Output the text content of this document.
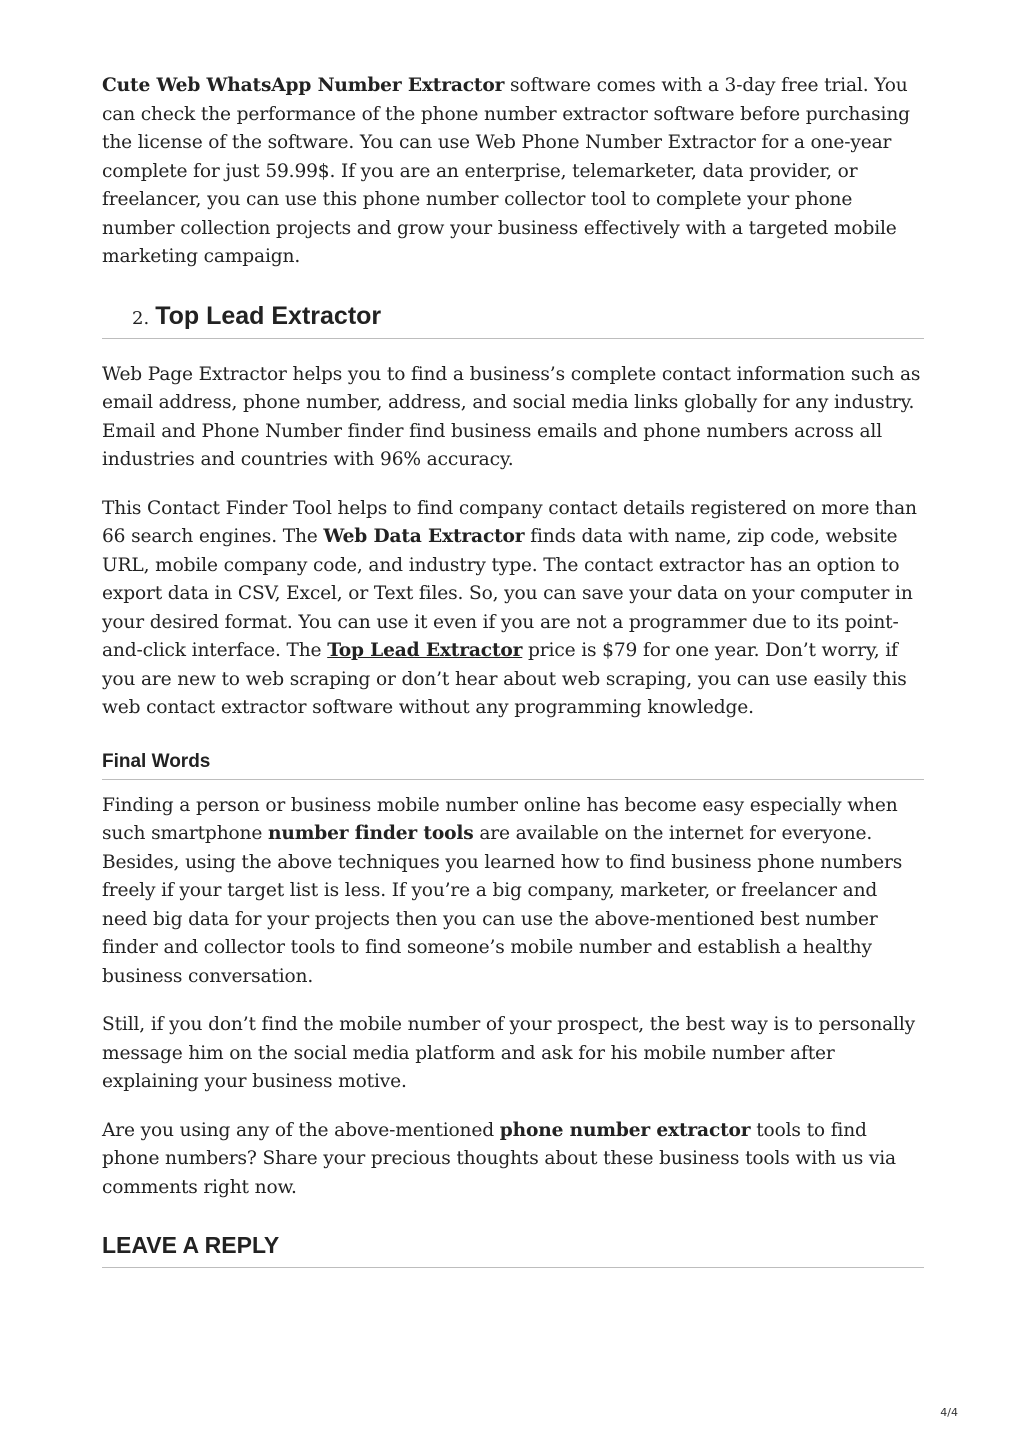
Cute Web WhatsApp Number Extractor software comes with a 3-day free trial. You can check the performance of the phone number extractor software before purchasing the license of the software. You can use Web Phone Number Extractor for a one-year complete for just 59.99$. If you are an enterprise, telemarketer, data provider, or freelancer, you can use this phone number collector tool to complete your phone number collection projects and grow your business effectively with a targeted mobile marketing campaign.

2. Top Lead Extractor

Web Page Extractor helps you to find a business’s complete contact information such as email address, phone number, address, and social media links globally for any industry. Email and Phone Number finder find business emails and phone numbers across all industries and countries with 96% accuracy.

This Contact Finder Tool helps to find company contact details registered on more than 66 search engines. The Web Data Extractor finds data with name, zip code, website URL, mobile company code, and industry type. The contact extractor has an option to export data in CSV, Excel, or Text files. So, you can save your data on your computer in your desired format. You can use it even if you are not a programmer due to its point-and-click interface. The Top Lead Extractor price is $79 for one year. Don’t worry, if you are new to web scraping or don’t hear about web scraping, you can use easily this web contact extractor software without any programming knowledge.

Final Words

Finding a person or business mobile number online has become easy especially when such smartphone number finder tools are available on the internet for everyone. Besides, using the above techniques you learned how to find business phone numbers freely if your target list is less. If you’re a big company, marketer, or freelancer and need big data for your projects then you can use the above-mentioned best number finder and collector tools to find someone’s mobile number and establish a healthy business conversation.

Still, if you don’t find the mobile number of your prospect, the best way is to personally message him on the social media platform and ask for his mobile number after explaining your business motive.

Are you using any of the above-mentioned phone number extractor tools to find phone numbers? Share your precious thoughts about these business tools with us via comments right now.

LEAVE A REPLY
4/4
